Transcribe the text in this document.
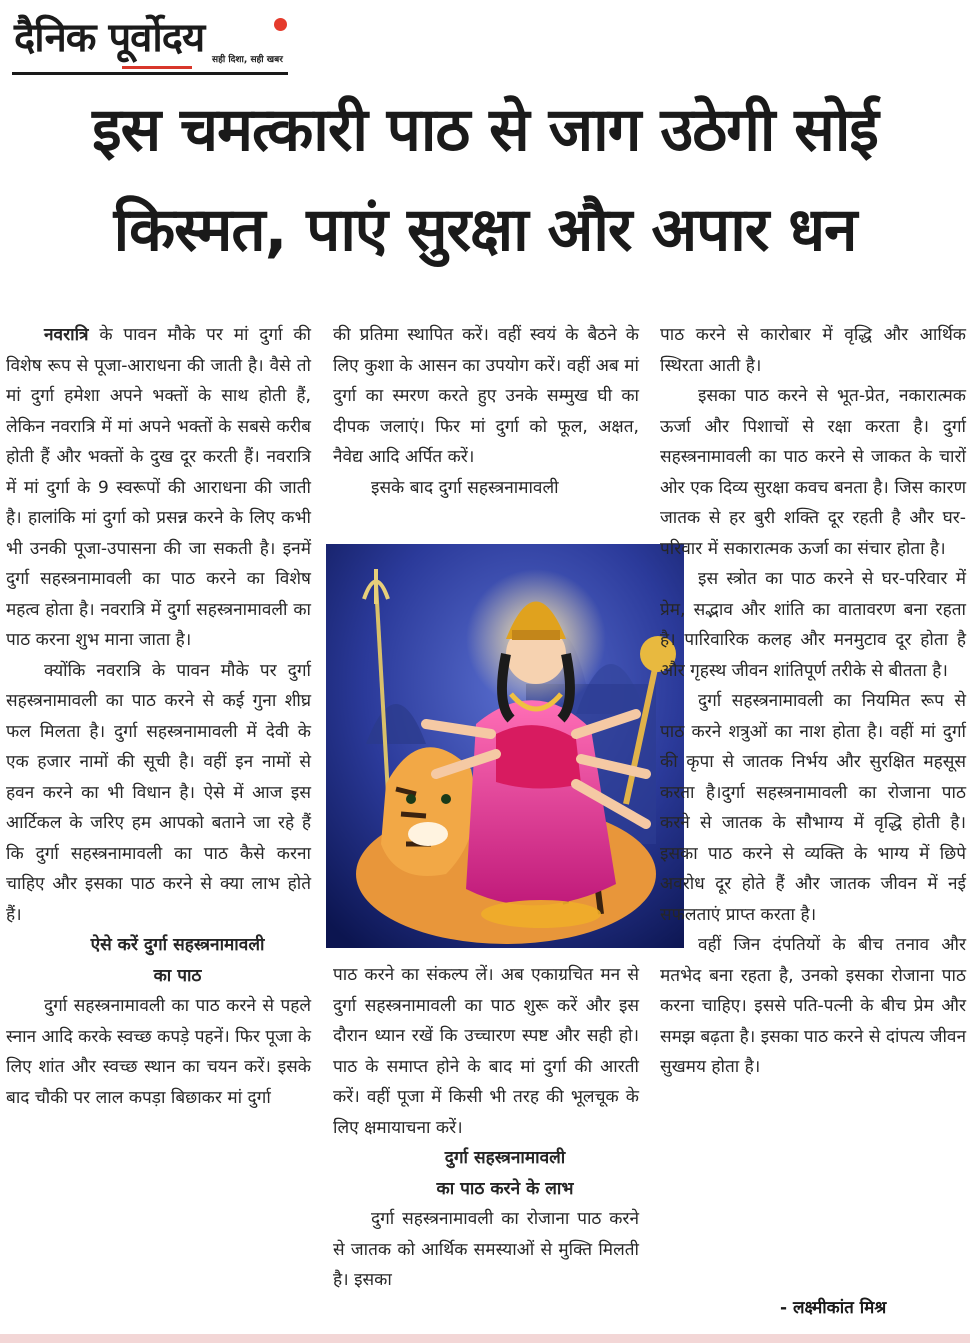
दैनिक पूर्वोदय सही दिशा, सही खबर
इस चमत्कारी पाठ से जाग उठेगी सोई
किस्मत, पाएं सुरक्षा और अपार धन

नवरात्रि के पावन मौके पर मां दुर्गा की विशेष रूप से पूजा-आराधना की जाती है। वैसे तो मां दुर्गा हमेशा अपने भक्तों के साथ होती हैं, लेकिन नवरात्रि में मां अपने भक्तों के सबसे करीब होती हैं और भक्तों के दुख दूर करती हैं। नवरात्रि में मां दुर्गा के 9 स्वरूपों की आराधना की जाती है। हालांकि मां दुर्गा को प्रसन्न करने के लिए कभी भी उनकी पूजा-उपासना की जा सकती है। इनमें दुर्गा सहस्त्रनामावली का पाठ करने का विशेष महत्व होता है। नवरात्रि में दुर्गा सहस्त्रनामावली का पाठ करना शुभ माना जाता है।

क्योंकि नवरात्रि के पावन मौके पर दुर्गा सहस्त्रनामावली का पाठ करने से कई गुना शीघ्र फल मिलता है। दुर्गा सहस्त्रनामावली में देवी के एक हजार नामों की सूची है। वहीं इन नामों से हवन करने का भी विधान है। ऐसे में आज इस आर्टिकल के जरिए हम आपको बताने जा रहे हैं कि दुर्गा सहस्त्रनामावली का पाठ कैसे करना चाहिए और इसका पाठ करने से क्या लाभ होते हैं।

ऐसे करें दुर्गा सहस्त्रनामावली

का पाठ

दुर्गा सहस्त्रनामावली का पाठ करने से पहले स्नान आदि करके स्वच्छ कपड़े पहनें। फिर पूजा के लिए शांत और स्वच्छ स्थान का चयन करें। इसके बाद चौकी पर लाल कपड़ा बिछाकर मां दुर्गा

की प्रतिमा स्थापित करें। वहीं स्वयं के बैठने के लिए कुशा के आसन का उपयोग करें। वहीं अब मां दुर्गा का स्मरण करते हुए उनके सम्मुख घी का दीपक जलाएं। फिर मां दुर्गा को फूल, अक्षत, नैवेद्य आदि अर्पित करें।

इसके बाद दुर्गा सहस्त्रनामावली

पाठ करने का संकल्प लें। अब एकाग्रचित मन से दुर्गा सहस्त्रनामावली का पाठ शुरू करें और इस दौरान ध्यान रखें कि उच्चारण स्पष्ट और सही हो। पाठ के समाप्त होने के बाद मां दुर्गा की आरती करें। वहीं पूजा में किसी भी तरह की भूलचूक के लिए क्षमायाचना करें।

दुर्गा सहस्त्रनामावली

का पाठ करने के लाभ

दुर्गा सहस्त्रनामावली का रोजाना पाठ करने से जातक को आर्थिक समस्याओं से मुक्ति मिलती है। इसका

पाठ करने से कारोबार में वृद्धि और आर्थिक स्थिरता आती है।

इसका पाठ करने से भूत-प्रेत, नकारात्मक ऊर्जा और पिशाचों से रक्षा करता है। दुर्गा सहस्त्रनामावली का पाठ करने से जाकत के चारों ओर एक दिव्य सुरक्षा कवच बनता है। जिस कारण जातक से हर बुरी शक्ति दूर रहती है और घर-परिवार में सकारात्मक ऊर्जा का संचार होता है।

इस स्त्रोत का पाठ करने से घर-परिवार में प्रेम, सद्भाव और शांति का वातावरण बना रहता है। पारिवारिक कलह और मनमुटाव दूर होता है और गृहस्थ जीवन शांतिपूर्ण तरीके से बीतता है।

दुर्गा सहस्त्रनामावली का नियमित रूप से पाठ करने शत्रुओं का नाश होता है। वहीं मां दुर्गा की कृपा से जातक निर्भय और सुरक्षित महसूस करता है।दुर्गा सहस्त्रनामावली का रोजाना पाठ करने से जातक के सौभाग्य में वृद्धि होती है। इसका पाठ करने से व्यक्ति के भाग्य में छिपे अवरोध दूर होते हैं और जातक जीवन में नई सफलताएं प्राप्त करता है।

वहीं जिन दंपतियों के बीच तनाव और मतभेद बना रहता है, उनको इसका रोजाना पाठ करना चाहिए। इससे पति-पत्नी के बीच प्रेम और समझ बढ़ता है। इसका पाठ करने से दांपत्य जीवन सुखमय होता है।

- लक्ष्मीकांत मिश्र
